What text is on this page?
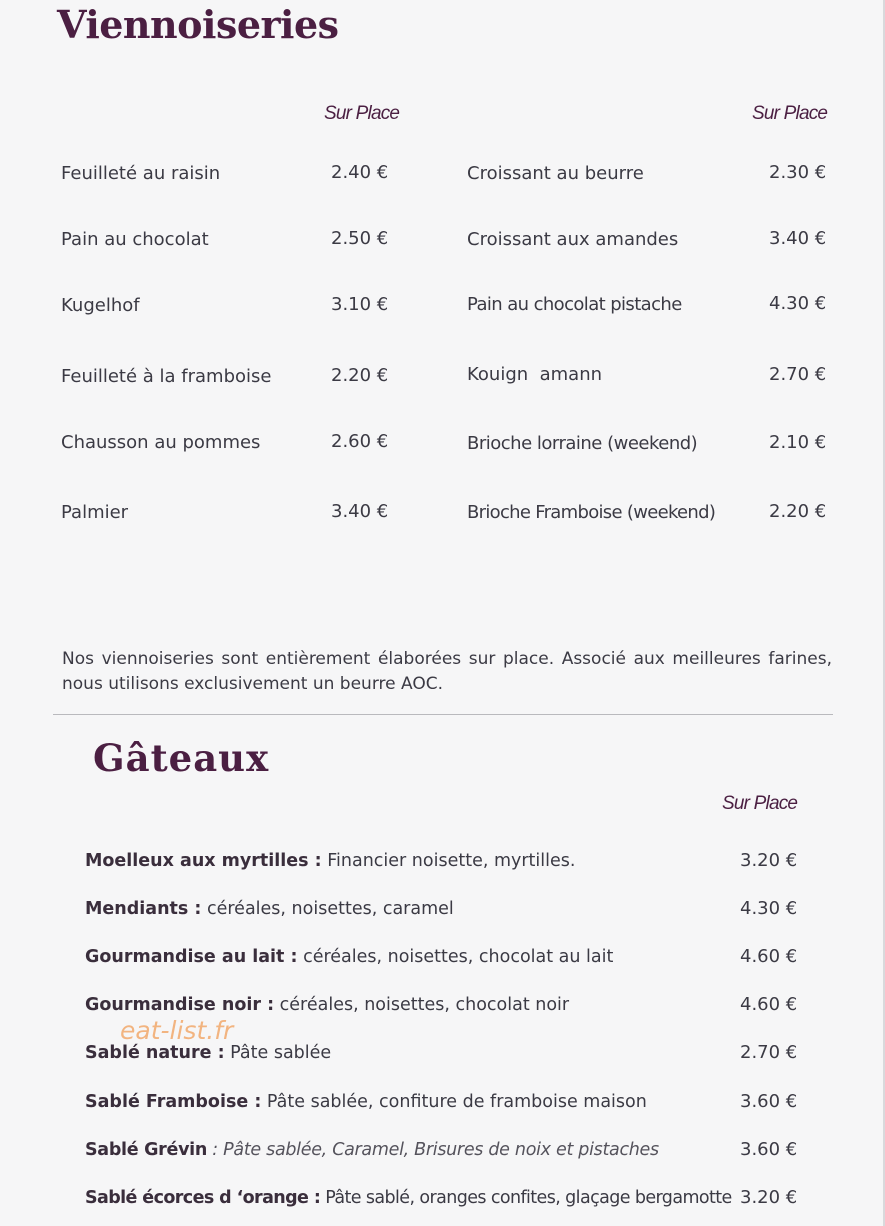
Viennoiseries
Sur Place	Sur Place
Feuilleté au raisin	2.40 €
Pain au chocolat	2.50 €
Kugelhof	3.10 €
Feuilleté à la framboise	2.20 €
Chausson au pommes	2.60 €
Palmier	3.40 €
Croissant au beurre	2.30 €
Croissant aux amandes	3.40 €
Pain au chocolat pistache	4.30 €
Kouign  amann	2.70 €
Brioche lorraine (weekend)	2.10 €
Brioche Framboise (weekend)	2.20 €
Nos viennoiseries sont entièrement élaborées sur place. Associé aux meilleures farines, nous utilisons exclusivement un beurre AOC.
Gâteaux
Sur Place
Moelleux aux myrtilles : Financier noisette, myrtilles.	3.20 €
Mendiants : céréales, noisettes, caramel	4.30 €
Gourmandise au lait : céréales, noisettes, chocolat au lait	4.60 €
Gourmandise noir : céréales, noisettes, chocolat noir	4.60 €
Sablé nature : Pâte sablée	2.70 €
Sablé Framboise : Pâte sablée, confiture de framboise maison	3.60 €
Sablé Grévin : Pâte sablée, Caramel, Brisures de noix et pistaches	3.60 €
Sablé écorces d ‘orange : Pâte sablé, oranges confites, glaçage bergamotte 3.20 €
eat-list.fr
